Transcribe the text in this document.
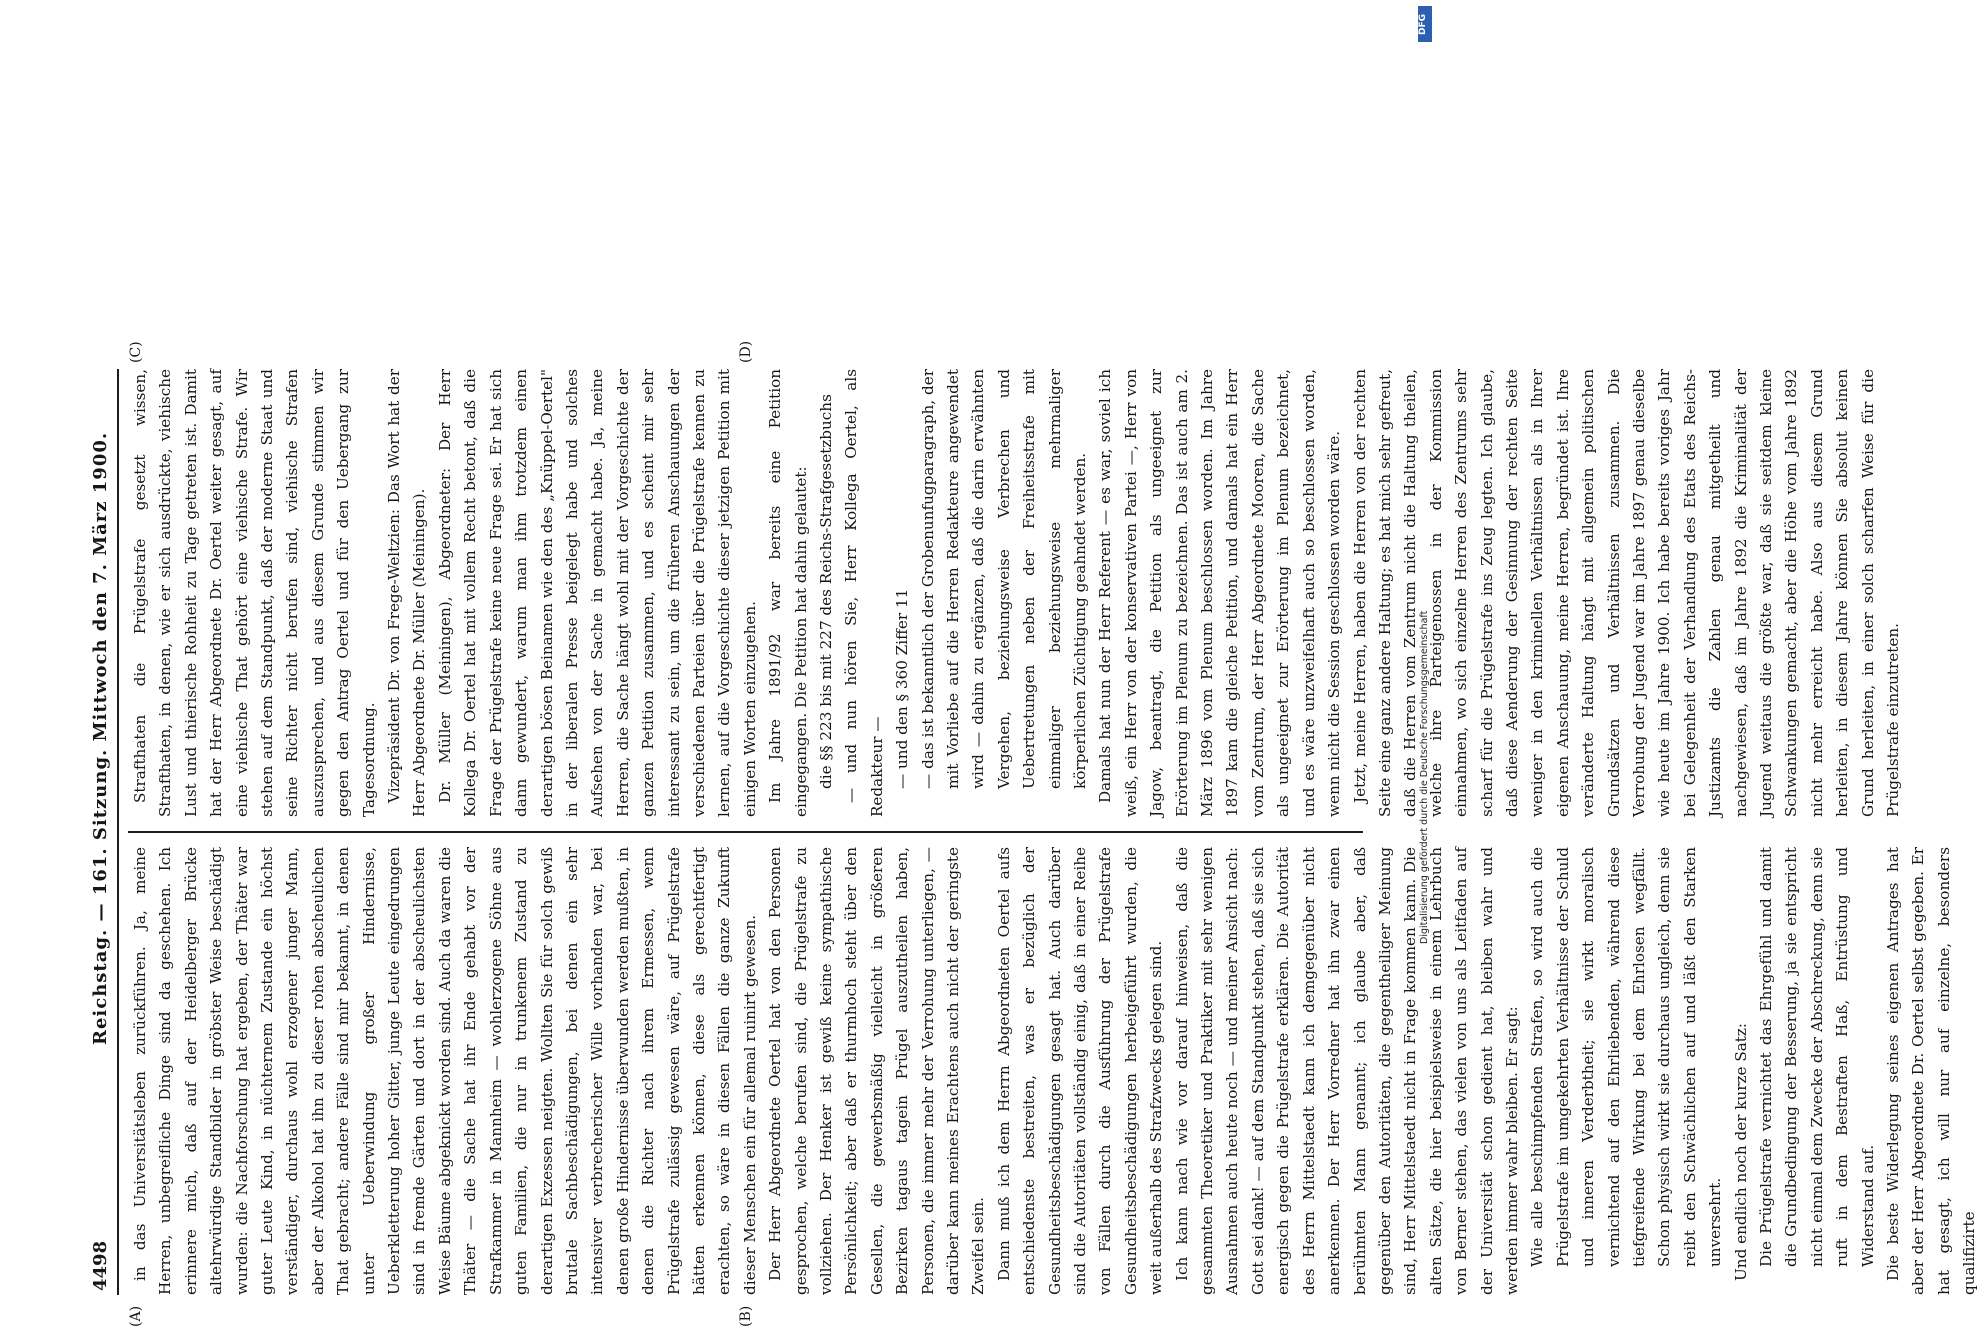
4498
Reichstag. — 161. Sitzung. Mittwoch den 7. März 1900.
(A)	(B)
(C)	(D)

in das Universitätsleben zurückführen. Ja, meine Herren, unbegreifliche Dinge sind da geschehen. Ich erinnere mich, daß auf der Heidelberger Brücke altehrwürdige Standbilder in gröbster Weise beschädigt wurden: die Nachforschung hat ergeben, der Thäter war guter Leute Kind, in nüchternem Zustande ein höchst verständiger, durchaus wohl erzogener junger Mann, aber der Alkohol hat ihn zu dieser rohen abscheulichen That gebracht; andere Fälle sind mir bekannt, in denen unter Ueberwindung großer Hindernisse, Ueberkletterung hoher Gitter, junge Leute eingedrungen sind in fremde Gärten und dort in der abscheulichsten Weise Bäume abgeknickt worden sind. Auch da waren die Thäter — die Sache hat ihr Ende gehabt vor der Strafkammer in Mannheim — wohlerzogene Söhne aus guten Familien, die nur in trunkenem Zustand zu derartigen Exzessen neigten. Wollten Sie für solch gewiß brutale Sachbeschädigungen, bei denen ein sehr intensiver verbrecherischer Wille vorhanden war, bei denen große Hindernisse überwunden werden mußten, in denen die Richter nach ihrem Ermessen, wenn Prügelstrafe zulässig gewesen wäre, auf Prügelstrafe hätten erkennen können, diese als gerechtfertigt erachten, so wäre in diesen Fällen die ganze Zukunft dieser Menschen ein für allemal ruinirt gewesen. Der Herr Abgeordnete Oertel hat von den Personen gesprochen, welche berufen sind, die Prügelstrafe zu vollziehen. Der Henker ist gewiß keine sympathische Persönlichkeit; aber daß er thurmhoch steht über den Gesellen, die gewerbsmäßig vielleicht in größeren Bezirken tagaus tagein Prügel auszutheilen haben, Personen, die immer mehr der Verrohung unterliegen, — darüber kann meines Erachtens auch nicht der geringste Zweifel sein. Dann muß ich dem Herrn Abgeordneten Oertel aufs entschiedenste bestreiten, was er bezüglich der Gesundheitsbeschädigungen gesagt hat. Auch darüber sind die Autoritäten vollständig einig, daß in einer Reihe von Fällen durch die Ausführung der Prügelstrafe Gesundheitsbeschädigungen herbeigeführt wurden, die weit außerhalb des Strafzwecks gelegen sind. Ich kann nach wie vor darauf hinweisen, daß die gesammten Theoretiker und Praktiker mit sehr wenigen Ausnahmen auch heute noch — und meiner Ansicht nach: Gott sei dank! — auf dem Standpunkt stehen, daß sie sich energisch gegen die Prügelstrafe erklären. Die Autorität des Herrn Mittelstaedt kann ich demgegenüber nicht anerkennen. Der Herr Vorredner hat ihn zwar einen berühmten Mann genannt; ich glaube aber, daß gegenüber den Autoritäten, die gegentheiliger Meinung sind, Herr Mittelstaedt nicht in Frage kommen kann. Die alten Sätze, die hier beispielsweise in einem Lehrbuch von Berner stehen, das vielen von uns als Leitfaden auf der Universität schon gedient hat, bleiben wahr und werden immer wahr bleiben. Er sagt: Wie alle beschimpfenden Strafen, so wird auch die Prügelstrafe im umgekehrten Verhältnisse der Schuld und inneren Verderbtheit; sie wirkt moralisch vernichtend auf den Ehrliebenden, während diese tiefgreifende Wirkung bei dem Ehrlosen wegfällt. Schon physisch wirkt sie durchaus ungleich, denn sie reibt den Schwächlichen auf und läßt den Starken unversehrt. Und endlich noch der kurze Satz: Die Prügelstrafe vernichtet das Ehrgefühl und damit die Grundbedingung der Besserung, ja sie entspricht nicht einmal dem Zwecke der Abschreckung, denn sie ruft in dem Bestraften Haß, Entrüstung und Widerstand auf. Die beste Widerlegung seines eigenen Antrages hat aber der Herr Abgeordnete Dr. Oertel selbst gegeben. Er hat gesagt, ich will nur auf einzelne, besonders qualifizirte

Strafthaten die Prügelstrafe gesetzt wissen, Strafthaten, in denen, wie er sich ausdrückte, viehische Lust und thierische Rohheit zu Tage getreten ist. Damit hat der Herr Abgeordnete Dr. Oertel weiter gesagt, auf eine viehische That gehört eine viehische Strafe. Wir stehen auf dem Standpunkt, daß der moderne Staat und seine Richter nicht berufen sind, viehische Strafen auszusprechen, und aus diesem Grunde stimmen wir gegen den Antrag Oertel und für den Uebergang zur Tagesordnung. Vizepräsident Dr. von Frege-Weltzien: Das Wort hat der Herr Abgeordnete Dr. Müller (Meiningen). Dr. Müller (Meiningen), Abgeordneter: Der Herr Kollega Dr. Oertel hat mit vollem Recht betont, daß die Frage der Prügelstrafe keine neue Frage sei. Er hat sich dann gewundert, warum man ihm trotzdem einen derartigen bösen Beinamen wie den des „Knüppel-Oertel" in der liberalen Presse beigelegt habe und solches Aufsehen von der Sache in gemacht habe. Ja, meine Herren, die Sache hängt wohl mit der Vorgeschichte der ganzen Petition zusammen, und es scheint mir sehr interessant zu sein, um die früheren Anschauungen der verschiedenen Parteien über die Prügelstrafe kennen zu lernen, auf die Vorgeschichte dieser jetzigen Petition mit einigen Worten einzugehen. Im Jahre 1891/92 war bereits eine Petition eingegangen. Die Petition hat dahin gelautet: die §§ 223 bis mit 227 des Reichs-Strafgesetzbuchs — und nun hören Sie, Herr Kollega Oertel, als Redakteur — — und den § 360 Ziffer 11 — das ist bekanntlich der Grobenunfugparagraph, der mit Vorliebe auf die Herren Redakteure angewendet wird — dahin zu ergänzen, daß die darin erwähnten Vergehen, beziehungsweise Verbrechen und Uebertretungen neben der Freiheitsstrafe mit einmaliger beziehungsweise mehrmaliger körperlichen Züchtigung geahndet werden. Damals hat nun der Herr Referent — es war, soviel ich weiß, ein Herr von der konservativen Partei —, Herr von Jagow, beantragt, die Petition als ungeeignet zur Erörterung im Plenum zu bezeichnen. Das ist auch am 2. März 1896 vom Plenum beschlossen worden. Im Jahre 1897 kam die gleiche Petition, und damals hat ein Herr vom Zentrum, der Herr Abgeordnete Mooren, die Sache als ungeeignet zur Erörterung im Plenum bezeichnet, und es wäre unzweifelhaft auch so beschlossen worden, wenn nicht die Session geschlossen worden wäre. Jetzt, meine Herren, haben die Herren von der rechten Seite eine ganz andere Haltung; es hat mich sehr gefreut, daß die Herren vom Zentrum nicht die Haltung theilen, welche ihre Parteigenossen in der Kommission einnahmen, wo sich einzelne Herren des Zentrums sehr scharf für die Prügelstrafe ins Zeug legten. Ich glaube, daß diese Aenderung der Gesinnung der rechten Seite weniger in den kriminellen Verhältnissen als in Ihrer eigenen Anschauung, meine Herren, begründet ist. Ihre veränderte Haltung hängt mit allgemein politischen Grundsätzen und Verhältnissen zusammen. Die Verrohung der Jugend war im Jahre 1897 genau dieselbe wie heute im Jahre 1900. Ich habe bereits voriges Jahr bei Gelegenheit der Verhandlung des Etats des Reichs-Justizamts die Zahlen genau mitgetheilt und nachgewiesen, daß im Jahre 1892 die Kriminalität der Jugend weitaus die größte war, daß sie seitdem kleine Schwankungen gemacht, aber die Höhe vom Jahre 1892 nicht mehr erreicht habe. Also aus diesem Grund herleiten, in diesem Jahre können Sie absolut keinen Grund herleiten, in einer solch scharfen Weise für die Prügelstrafe einzutreten.

DFG
Digitalisierung gefördert durch die Deutsche Forschungsgemeinschaft
